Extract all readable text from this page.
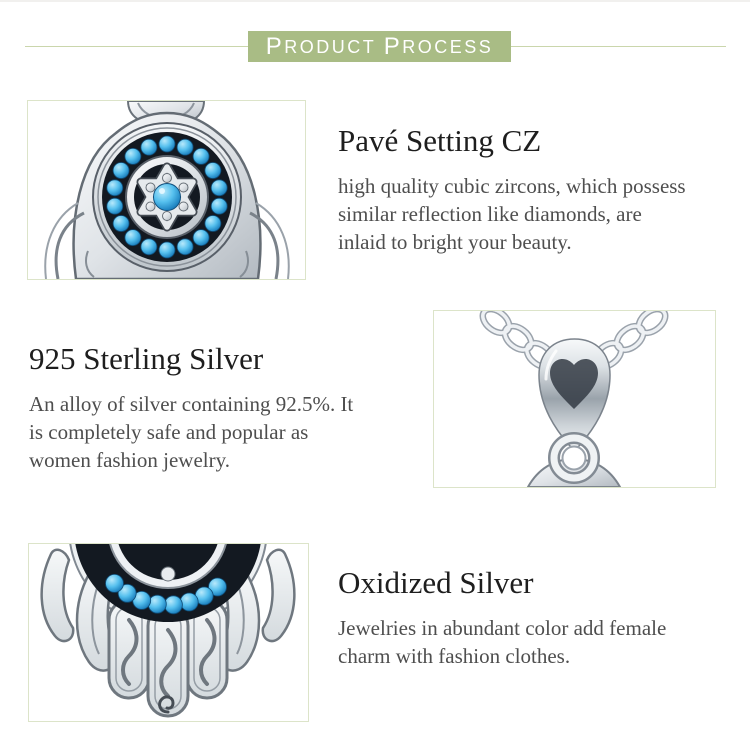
P RODUCT
P ROCESS
Pavé Setting CZ
high quality cubic zircons, which possess
similar reflection like diamonds, are
inlaid to bright your beauty.
925 Sterling Silver
An alloy of silver containing 92.5%. It
is completely safe and popular as
women fashion jewelry.
Oxidized Silver
Jewelries in abundant color add female
charm with fashion clothes.
